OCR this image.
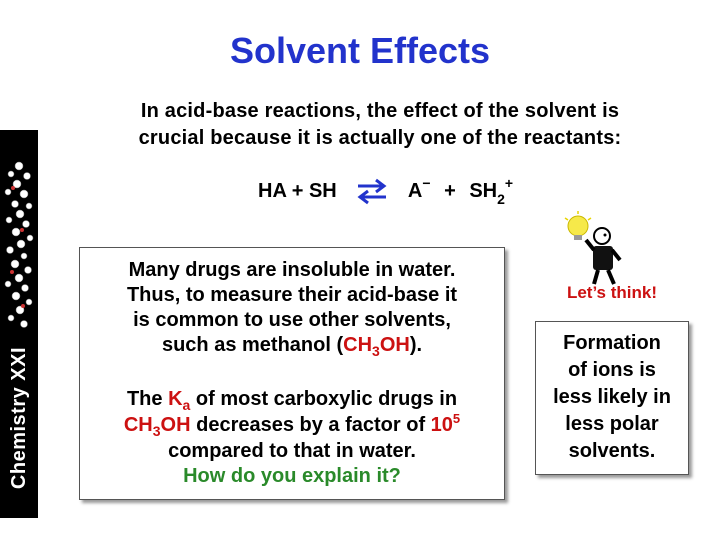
Chemistry XXI
Solvent Effects
In acid-base reactions, the effect of the solvent is
crucial because it is actually one of the reactants:
HA + SH ⇌ A− + SH2+
Many drugs are insoluble in water.
Thus, to measure their acid-base it
is common to use other solvents,
such as methanol $(CH_3OH)$.
The $K_a$ of most carboxylic drugs in
$CH_3OH$ decreases by a factor of $10^5$
compared to that in water.
How do you explain it?
Let’s think!
Formation
of ions is
less likely in
less polar
solvents.
